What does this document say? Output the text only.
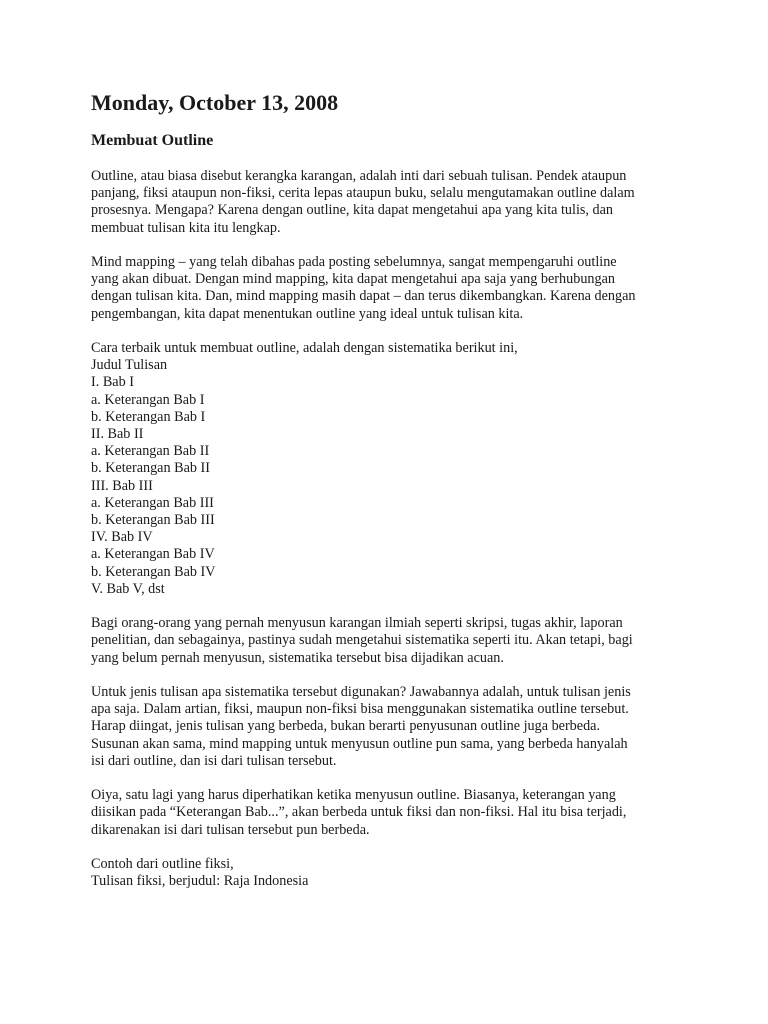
Monday, October 13, 2008
Membuat Outline
Outline, atau biasa disebut kerangka karangan, adalah inti dari sebuah tulisan. Pendek ataupun
panjang, fiksi ataupun non-fiksi, cerita lepas ataupun buku, selalu mengutamakan outline dalam
prosesnya. Mengapa? Karena dengan outline, kita dapat mengetahui apa yang kita tulis, dan
membuat tulisan kita itu lengkap.
Mind mapping – yang telah dibahas pada posting sebelumnya, sangat mempengaruhi outline
yang akan dibuat. Dengan mind mapping, kita dapat mengetahui apa saja yang berhubungan
dengan tulisan kita. Dan, mind mapping masih dapat – dan terus dikembangkan. Karena dengan
pengembangan, kita dapat menentukan outline yang ideal untuk tulisan kita.
Cara terbaik untuk membuat outline, adalah dengan sistematika berikut ini,
Judul Tulisan
I. Bab I
a. Keterangan Bab I
b. Keterangan Bab I
II. Bab II
a. Keterangan Bab II
b. Keterangan Bab II
III. Bab III
a. Keterangan Bab III
b. Keterangan Bab III
IV. Bab IV
a. Keterangan Bab IV
b. Keterangan Bab IV
V. Bab V, dst
Bagi orang-orang yang pernah menyusun karangan ilmiah seperti skripsi, tugas akhir, laporan
penelitian, dan sebagainya, pastinya sudah mengetahui sistematika seperti itu. Akan tetapi, bagi
yang belum pernah menyusun, sistematika tersebut bisa dijadikan acuan.
Untuk jenis tulisan apa sistematika tersebut digunakan? Jawabannya adalah, untuk tulisan jenis
apa saja. Dalam artian, fiksi, maupun non-fiksi bisa menggunakan sistematika outline tersebut.
Harap diingat, jenis tulisan yang berbeda, bukan berarti penyusunan outline juga berbeda.
Susunan akan sama, mind mapping untuk menyusun outline pun sama, yang berbeda hanyalah
isi dari outline, dan isi dari tulisan tersebut.
Oiya, satu lagi yang harus diperhatikan ketika menyusun outline. Biasanya, keterangan yang
diisikan pada “Keterangan Bab...”, akan berbeda untuk fiksi dan non-fiksi. Hal itu bisa terjadi,
dikarenakan isi dari tulisan tersebut pun berbeda.
Contoh dari outline fiksi,
Tulisan fiksi, berjudul: Raja Indonesia
